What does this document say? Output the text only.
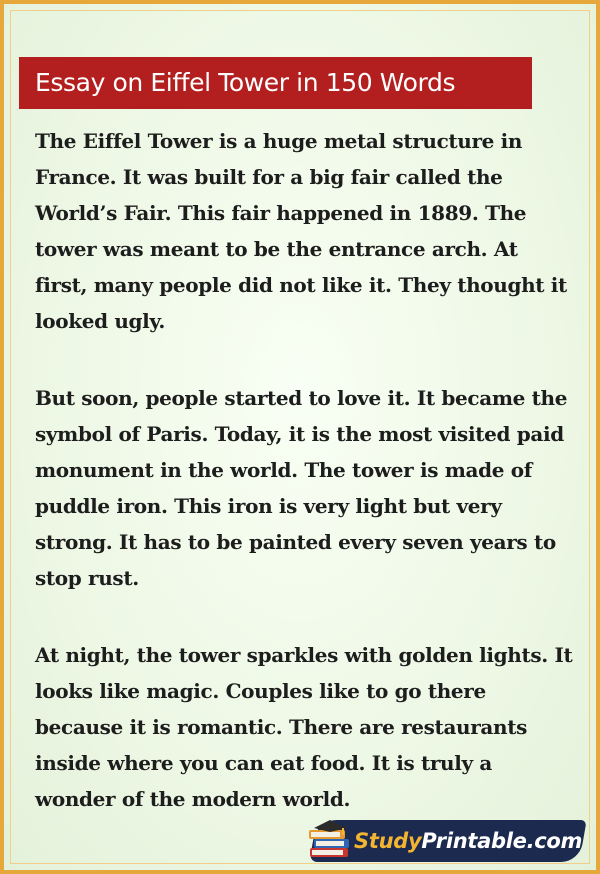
Essay on Eiffel Tower in 150 Words

The Eiffel Tower is a huge metal structure in France. It was built for a big fair called the World’s Fair. This fair happened in 1889. The tower was meant to be the entrance arch. At first, many people did not like it. They thought it looked ugly.

But soon, people started to love it. It became the symbol of Paris. Today, it is the most visited paid monument in the world. The tower is made of puddle iron. This iron is very light but very strong. It has to be painted every seven years to stop rust.

At night, the tower sparkles with golden lights. It looks like magic. Couples like to go there because it is romantic. There are restaurants inside where you can eat food. It is truly a wonder of the modern world.

StudyPrintable.com
